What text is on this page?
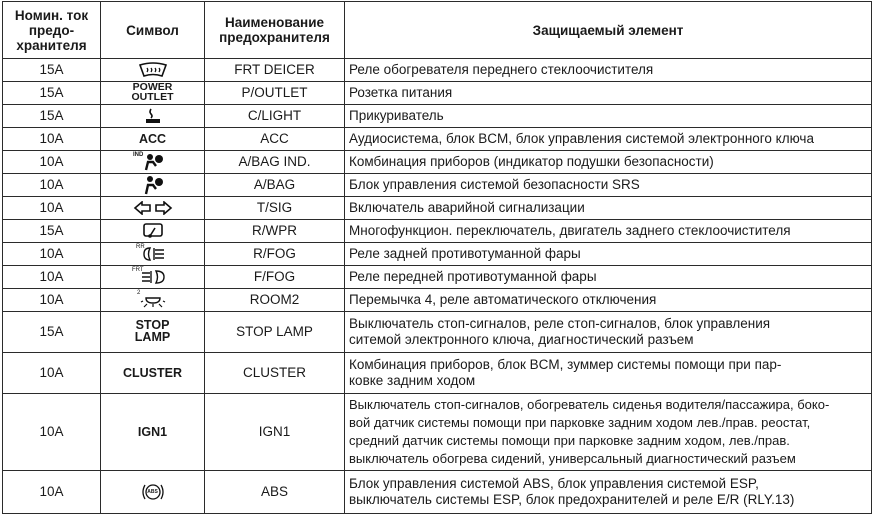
Номин. ток предо-хранителя	Символ	Наименование предохранителя	Защищаемый элемент
15A		FRT DEICER	Реле обогревателя переднего стеклоочистителя
15A	POWER OUTLET	P/OUTLET	Розетка питания
15A		C/LIGHT	Прикуриватель
10A	ACC	ACC	Аудиосистема, блок BCM, блок управления системой электронного ключа
10A	IND	A/BAG IND.	Комбинация приборов (индикатор подушки безопасности)
10A		A/BAG	Блок управления системой безопасности SRS
10A		T/SIG	Включатель аварийной сигнализации
15A		R/WPR	Многофункцион. переключатель, двигатель заднего стеклоочистителя
10A	RR	R/FOG	Реле задней противотуманной фары
10A	FRT	F/FOG	Реле передней противотуманной фары
10A	2	ROOM2	Перемычка 4, реле автоматического отключения
15A	STOP LAMP	STOP LAMP	Выключатель стоп-сигналов, реле стоп-сигналов, блок управления
ситемой электронного ключа, диагностический разъем

10A	CLUSTER	CLUSTER	Комбинация приборов, блок BCM, зуммер системы помощи при пар-
ковке задним ходом

10A	IGN1	IGN1	Выключатель стоп-сигналов, обогреватель сиденья водителя/пассажира, боко-
вой датчик системы помощи при парковке задним ходом лев./прав. реостат,
средний датчик системы помощи при парковке задним ходом, лев./прав.
выключатель обогрева сидений, универсальный диагностический разъем

10A	ABS	ABS	Блок управления системой ABS, блок управления системой ESP,
выключатель системы ESP, блок предохранителей и реле E/R (RLY.13)
